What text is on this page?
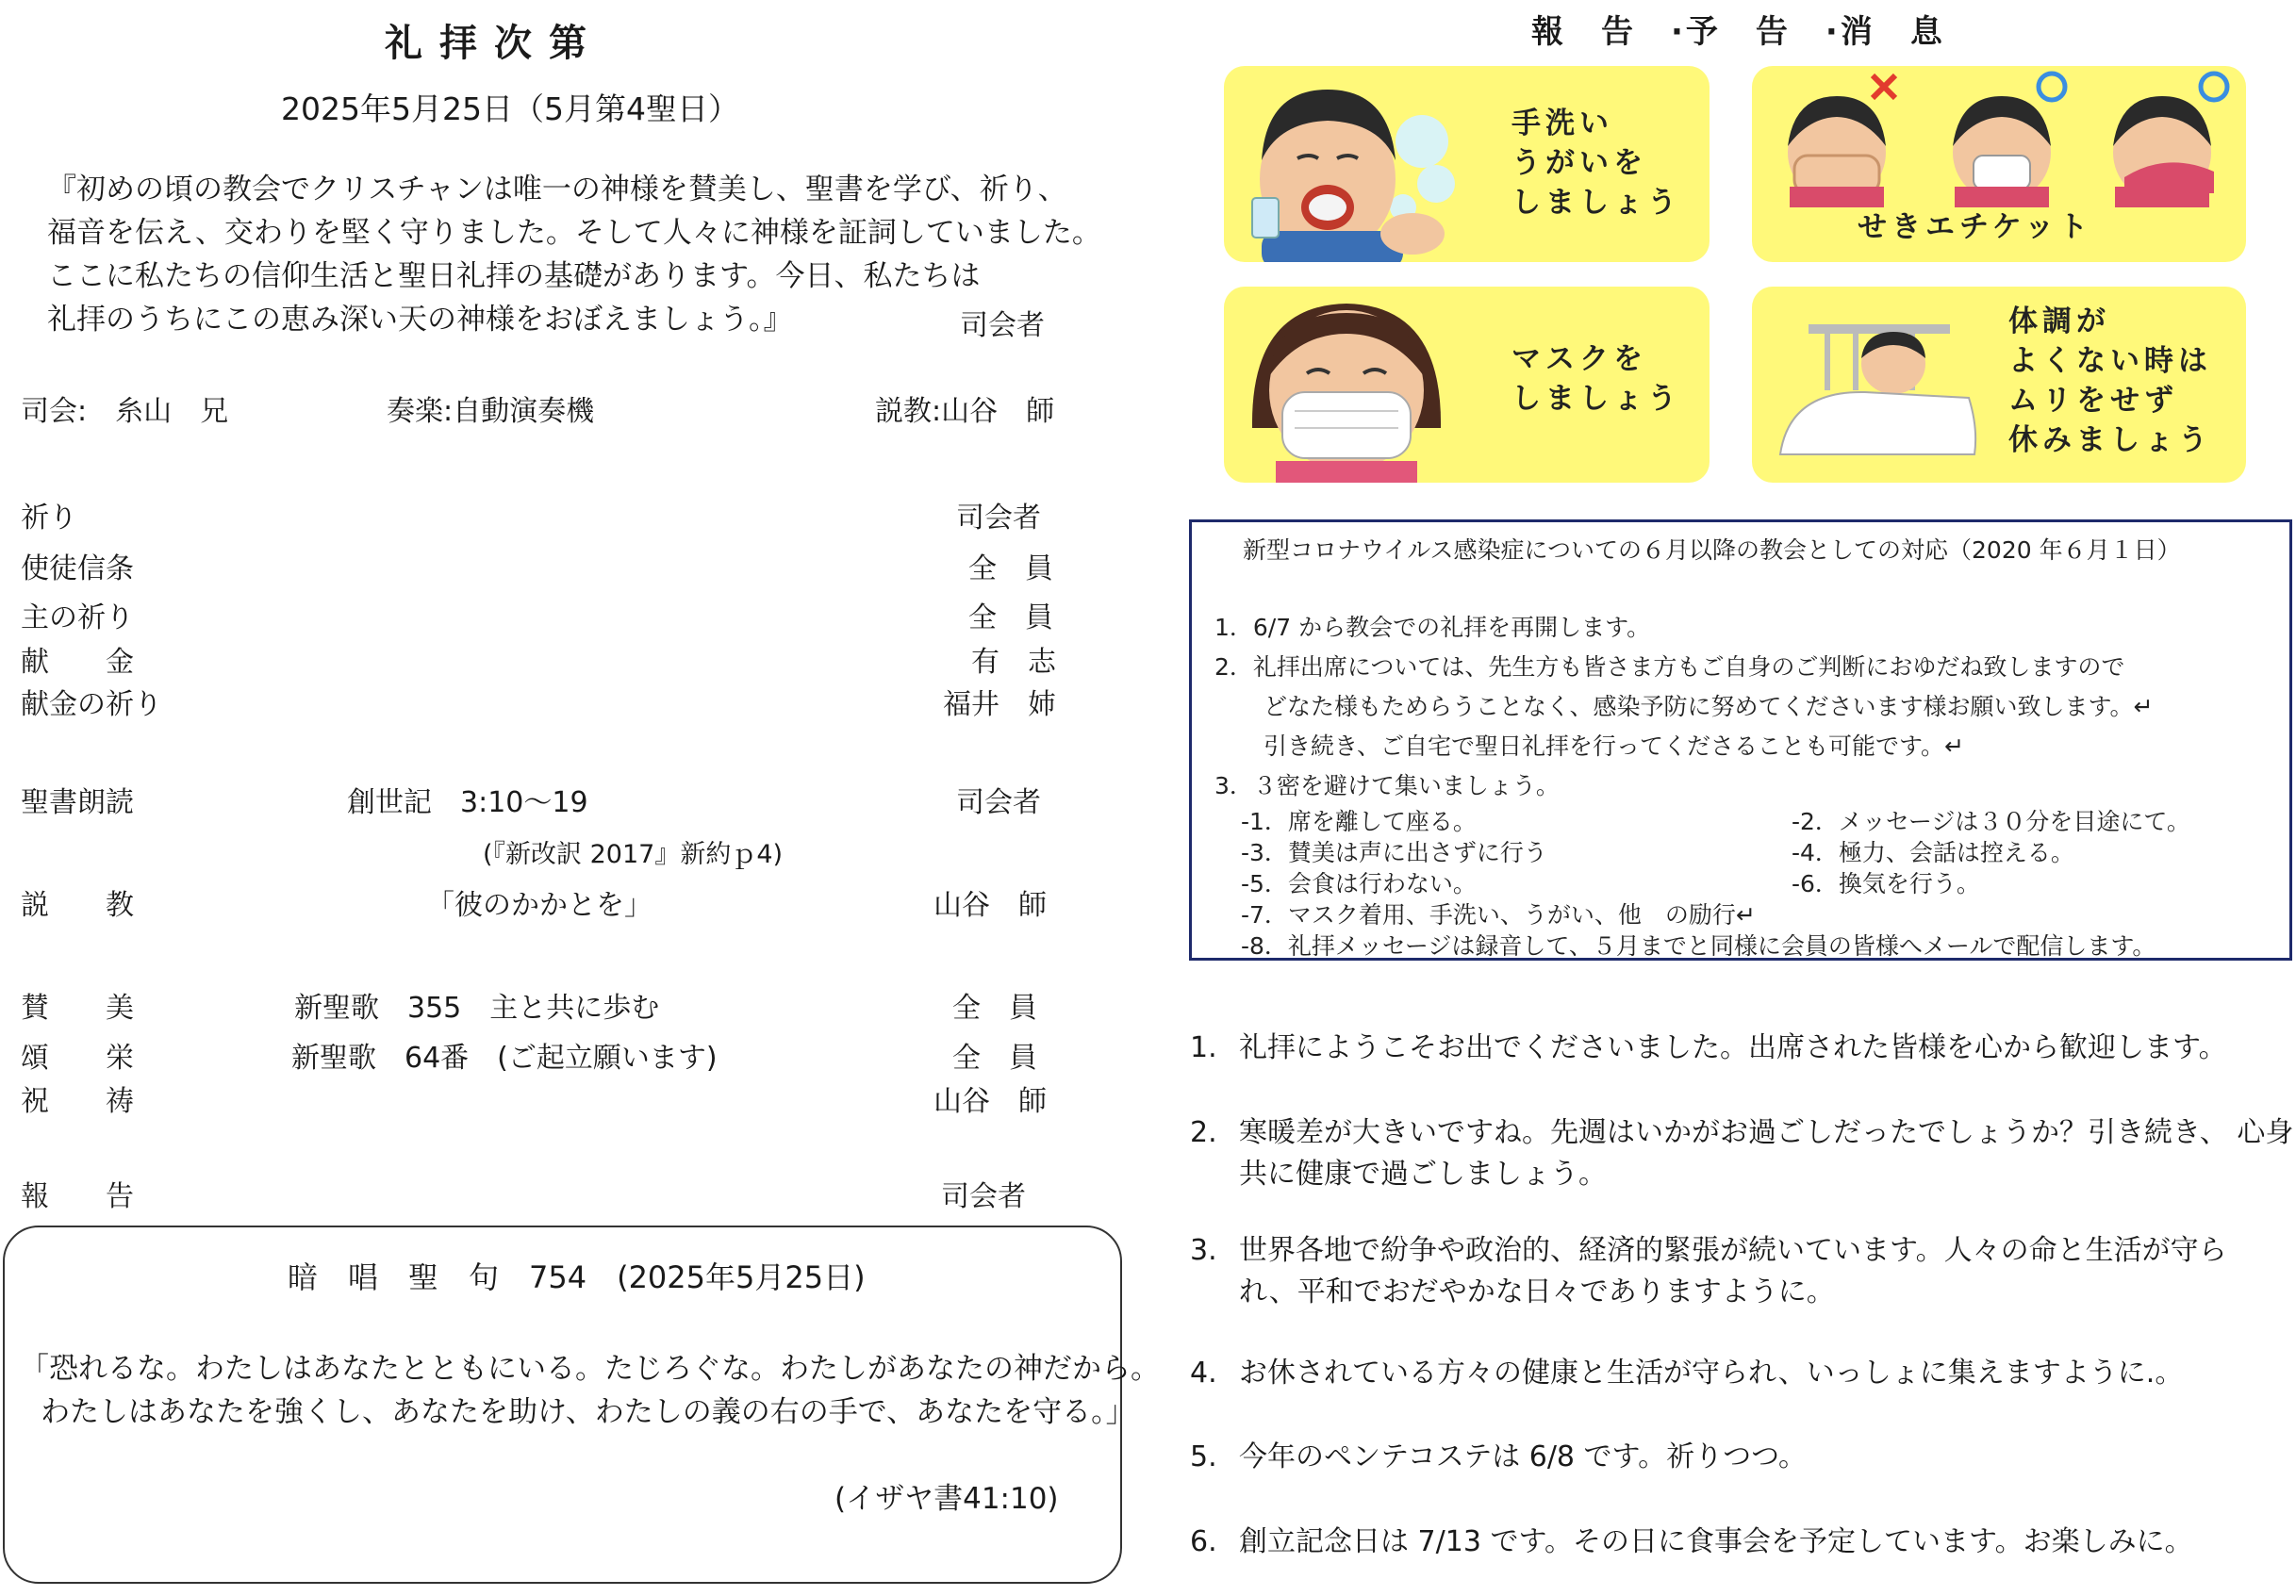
礼拝次第
2025年5月25日（5月第4聖日）
『初めの頃の教会でクリスチャンは唯一の神様を賛美し、聖書を学び、祈り、
福音を伝え、交わりを堅く守りました。そして人々に神様を証詞していました。
ここに私たちの信仰生活と聖日礼拝の基礎があります。今日、私たちは
礼拝のうちにこの恵み深い天の神様をおぼえましょう。』	司会者
司会:　糸山　兄	奏楽:自動演奏機	説教:山谷　師
祈り	司会者
使徒信条	全　員
主の祈り	全　員
献　　金	有　志
献金の祈り	福井　姉
聖書朗読	創世記　3:10〜19	司会者
(『新改訳 2017』新約ｐ4)
説　　教	「彼のかかとを」	山谷　師
賛　　美	新聖歌　355　主と共に歩む	全　員
頌　　栄	新聖歌　64番　(ご起立願います)	全　員
祝　　祷	山谷　師
報　　告	司会者
暗　唱　聖　句　754　(2025年5月25日)
「恐れるな。わたしはあなたとともにいる。たじろぐな。わたしがあなたの神だから。
わたしはあなたを強くし、あなたを助け、わたしの義の右の手で、あなたを守る。」
(イザヤ書41:10)
報　告　·予　告　·消　息
手洗い
うがいを
しましょう
せきエチケット
マスクを
しましょう
体調が
よくない時は
ムリをせず
休みましょう
新型コロナウイルス感染症についての６月以降の教会としての対応（2020 年６月１日）
1．6/7 から教会での礼拝を再開します。
2．礼拝出席については、先生方も皆さま方もご自身のご判断におゆだね致しますので
どなた様もためらうことなく、感染予防に努めてくださいます様お願い致します。↵
引き続き、ご自宅で聖日礼拝を行ってくださることも可能です。↵
3．３密を避けて集いましょう。
-1．席を離して座る。	-2．メッセージは３０分を目途にて。
-3．賛美は声に出さずに行う	-4．極力、会話は控える。
-5．会食は行わない。	-6．換気を行う。
-7．マスク着用、手洗い、うがい、他　の励行↵
-8．礼拝メッセージは録音して、５月までと同様に会員の皆様へメールで配信します。
1. 礼拝にようこそお出でくださいました。出席された皆様を心から歓迎します。
2. 寒暖差が大きいですね。先週はいかがお過ごしだったでしょうか？引き続き、 心身
共に健康で過ごしましょう。
3. 世界各地で紛争や政治的、経済的緊張が続いています。人々の命と生活が守ら
れ、平和でおだやかな日々でありますように。
4. お休されている方々の健康と生活が守られ、いっしょに集えますように.。
5. 今年のペンテコステは 6/8 です。祈りつつ。
6. 創立記念日は 7/13 です。その日に食事会を予定しています。お楽しみに。
